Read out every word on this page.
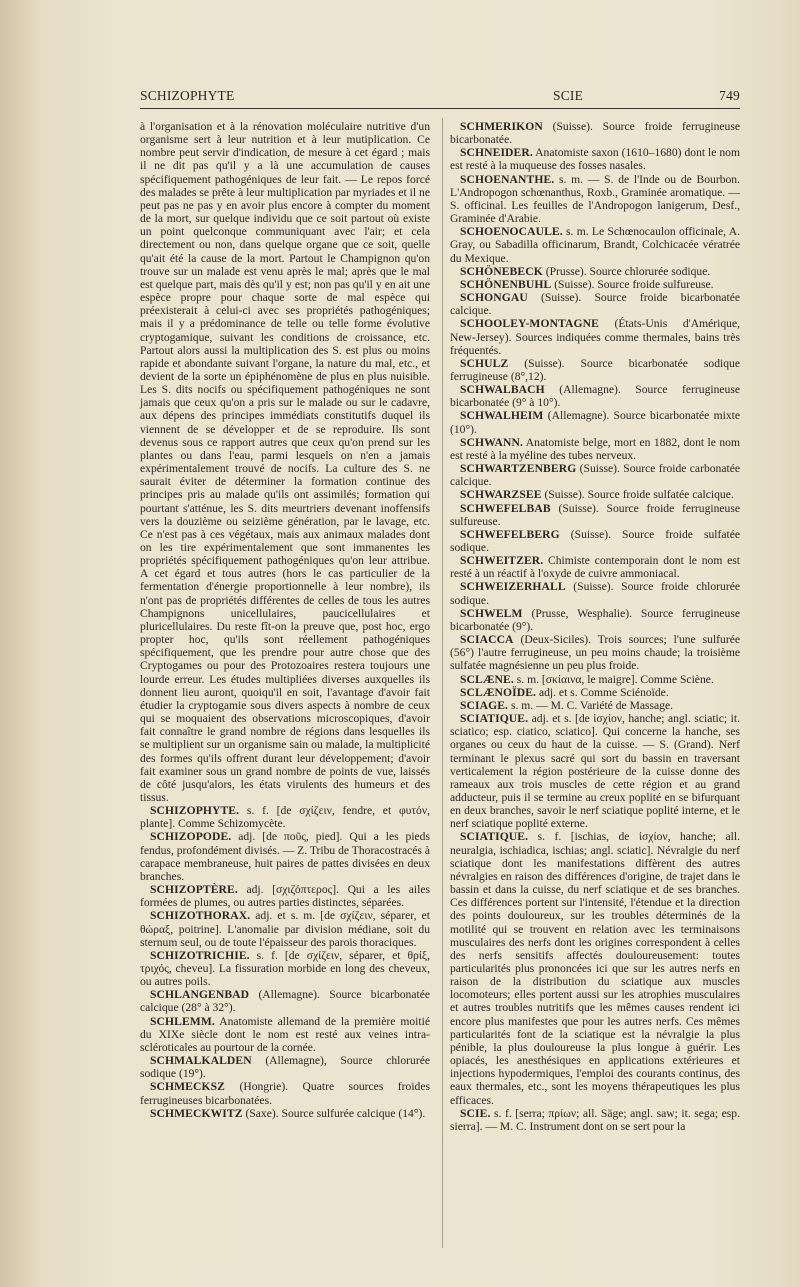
SCHIZOPHYTE	SCIE	749

à l'organisation et à la rénovation moléculaire nutritive d'un organisme sert à leur nutrition et à leur mutiplication. Ce nombre peut servir d'indication, de mesure à cet égard ; mais il ne dit pas qu'il y a là une accumulation de causes spécifiquement pathogéniques de leur fait. — Le repos forcé des malades se prête à leur multiplication par myriades et il ne peut pas ne pas y en avoir plus encore à compter du moment de la mort, sur quelque individu que ce soit partout où existe un point quelconque communiquant avec l'air; et cela directement ou non, dans quelque organe que ce soit, quelle qu'ait été la cause de la mort. Partout le Champignon qu'on trouve sur un malade est venu après le mal; après que le mal est quelque part, mais dès qu'il y est; non pas qu'il y en ait une espèce propre pour chaque sorte de mal espèce qui préexisterait à celui-ci avec ses propriétés pathogéniques; mais il y a prédominance de telle ou telle forme évolutive cryptogamique, suivant les conditions de croissance, etc. Partout alors aussi la multiplication des S. est plus ou moins rapide et abondante suivant l'organe, la nature du mal, etc., et devient de la sorte un épiphénomène de plus en plus nuisible. Les S. dits nocifs ou spécifiquement pathogéniques ne sont jamais que ceux qu'on a pris sur le malade ou sur le cadavre, aux dépens des principes immédiats constitutifs duquel ils viennent de se développer et de se reproduire. Ils sont devenus sous ce rapport autres que ceux qu'on prend sur les plantes ou dans l'eau, parmi lesquels on n'en a jamais expérimentalement trouvé de nocifs. La culture des S. ne saurait éviter de déterminer la formation continue des principes pris au malade qu'ils ont assimilés; formation qui pourtant s'atténue, les S. dits meurtriers devenant inoffensifs vers la douzième ou seizième génération, par le lavage, etc. Ce n'est pas à ces végétaux, mais aux animaux malades dont on les tire expérimentalement que sont immanentes les propriétés spécifiquement pathogéniques qu'on leur attribue. A cet égard et tous autres (hors le cas particulier de la fermentation d'énergie proportionnelle à leur nombre), ils n'ont pas de propriétés différentes de celles de tous les autres Champignons unicellulaires, paucicellulaires et pluricellulaires. Du reste fît-on la preuve que, post hoc, ergo propter hoc, qu'ils sont réellement pathogéniques spécifiquement, que les prendre pour autre chose que des Cryptogames ou pour des Protozoaires restera toujours une lourde erreur. Les études multipliées diverses auxquelles ils donnent lieu auront, quoiqu'il en soit, l'avantage d'avoir fait étudier la cryptogamie sous divers aspects à nombre de ceux qui se moquaient des observations microscopiques, d'avoir fait connaître le grand nombre de régions dans lesquelles ils se multiplient sur un organisme sain ou malade, la multiplicité des formes qu'ils offrent durant leur développement; d'avoir fait examiner sous un grand nombre de points de vue, laissés de côté jusqu'alors, les états virulents des humeurs et des tissus.

SCHIZOPHYTE. s. f. [de σχίζειν, fendre, et φυτόν, plante]. Comme Schizomycète.

SCHIZOPODE. adj. [de ποῦς, pied]. Qui a les pieds fendus, profondément divisés. — Z. Tribu de Thoracostracés à carapace membraneuse, huit paires de pattes divisées en deux branches.

SCHIZOPTÈRE. adj. [σχιζόπτερος]. Qui a les ailes formées de plumes, ou autres parties distinctes, séparées.

SCHIZOTHORAX. adj. et s. m. [de σχίζειν, séparer, et θώραξ, poitrine]. L'anomalie par division médiane, soit du sternum seul, ou de toute l'épaisseur des parois thoraciques.

SCHIZOTRICHIE. s. f. [de σχίζειν, séparer, et θρίξ, τριχός, cheveu]. La fissuration morbide en long des cheveux, ou autres poils.

SCHLANGENBAD (Allemagne). Source bicarbonatée calcique (28° à 32°).

SCHLEMM. Anatomiste allemand de la première moitié du XIXe siècle dont le nom est resté aux veines intra-scléroticales au pourtour de la cornée.

SCHMALKALDEN (Allemagne), Source chlorurée sodique (19°).

SCHMECKSZ (Hongrie). Quatre sources froides ferrugineuses bicarbonatées.

SCHMECKWITZ (Saxe). Source sulfurée calcique (14°).

SCHMERIKON (Suisse). Source froide ferrugineuse bicarbonatée.

SCHNEIDER. Anatomiste saxon (1610–1680) dont le nom est resté à la muqueuse des fosses nasales.

SCHOENANTHE. s. m. — S. de l'Inde ou de Bourbon. L'Andropogon schœnanthus, Roxb., Graminée aromatique. — S. officinal. Les feuilles de l'Andropogon lanigerum, Desf., Graminée d'Arabie.

SCHOENOCAULE. s. m. Le Schœnocaulon officinale, A. Gray, ou Sabadilla officinarum, Brandt, Colchicacée vératrée du Mexique.

SCHÖNEBECK (Prusse). Source chlorurée sodique.

SCHÖNENBUHL (Suisse). Source froide sulfureuse.

SCHONGAU (Suisse). Source froide bicarbonatée calcique.

SCHOOLEY-MONTAGNE (États-Unis d'Amérique, New-Jersey). Sources indiquées comme thermales, bains très fréquentés.

SCHULZ (Suisse). Source bicarbonatée sodique ferrugineuse (8°,12).

SCHWALBACH (Allemagne). Source ferrugineuse bicarbonatée (9° à 10°).

SCHWALHEIM (Allemagne). Source bicarbonatée mixte (10°).

SCHWANN. Anatomiste belge, mort en 1882, dont le nom est resté à la myéline des tubes nerveux.

SCHWARTZENBERG (Suisse). Source froide carbonatée calcique.

SCHWARZSEE (Suisse). Source froide sulfatée calcique.

SCHWEFELBAB (Suisse). Source froide ferrugineuse sulfureuse.

SCHWEFELBERG (Suisse). Source froide sulfatée sodique.

SCHWEITZER. Chimiste contemporain dont le nom est resté à un réactif à l'oxyde de cuivre ammoniacal.

SCHWEIZERHALL (Suisse). Source froide chlorurée sodique.

SCHWELM (Prusse, Wesphalie). Source ferrugineuse bicarbonatée (9°).

SCIACCA (Deux-Siciles). Trois sources; l'une sulfurée (56°) l'autre ferrugineuse, un peu moins chaude; la troisième sulfatée magnésienne un peu plus froide.

SCLÆNE. s. m. [σκίαινα, le maigre]. Comme Sciène.

SCLÆNOÏDE. adj. et s. Comme Sciénoïde.

SCIAGE. s. m. — M. C. Variété de Massage.

SCIATIQUE. adj. et s. [de ἰσχίον, hanche; angl. sciatic; it. sciatico; esp. ciatico, sciatico]. Qui concerne la hanche, ses organes ou ceux du haut de la cuisse. — S. (Grand). Nerf terminant le plexus sacré qui sort du bassin en traversant verticalement la région postérieure de la cuisse donne des rameaux aux trois muscles de cette région et au grand adducteur, puis il se termine au creux poplité en se bifurquant en deux branches, savoir le nerf sciatique poplité interne, et le nerf sciatique poplité externe.

SCIATIQUE. s. f. [ischias, de ἰσχίον, hanche; all. neuralgia, ischiadica, ischias; angl. sciatic]. Névralgie du nerf sciatique dont les manifestations diffèrent des autres névralgies en raison des différences d'origine, de trajet dans le bassin et dans la cuisse, du nerf sciatique et de ses branches. Ces différences portent sur l'intensité, l'étendue et la direction des points douloureux, sur les troubles déterminés de la motilité qui se trouvent en relation avec les terminaisons musculaires des nerfs dont les origines correspondent à celles des nerfs sensitifs affectés douloureusement: toutes particularités plus prononcées ici que sur les autres nerfs en raison de la distribution du sciatique aux muscles locomoteurs; elles portent aussi sur les atrophies musculaires et autres troubles nutritifs que les mêmes causes rendent ici encore plus manifestes que pour les autres nerfs. Ces mêmes particularités font de la sciatique est la névralgie la plus pénible, la plus douloureuse la plus longue à guérir. Les opiacés, les anesthésiques en applications extérieures et injections hypodermiques, l'emploi des courants continus, des eaux thermales, etc., sont les moyens thérapeutiques les plus efficaces.

SCIE. s. f. [serra; πρίων; all. Säge; angl. saw; it. sega; esp. sierra]. — M. C. Instrument dont on se sert pour la
